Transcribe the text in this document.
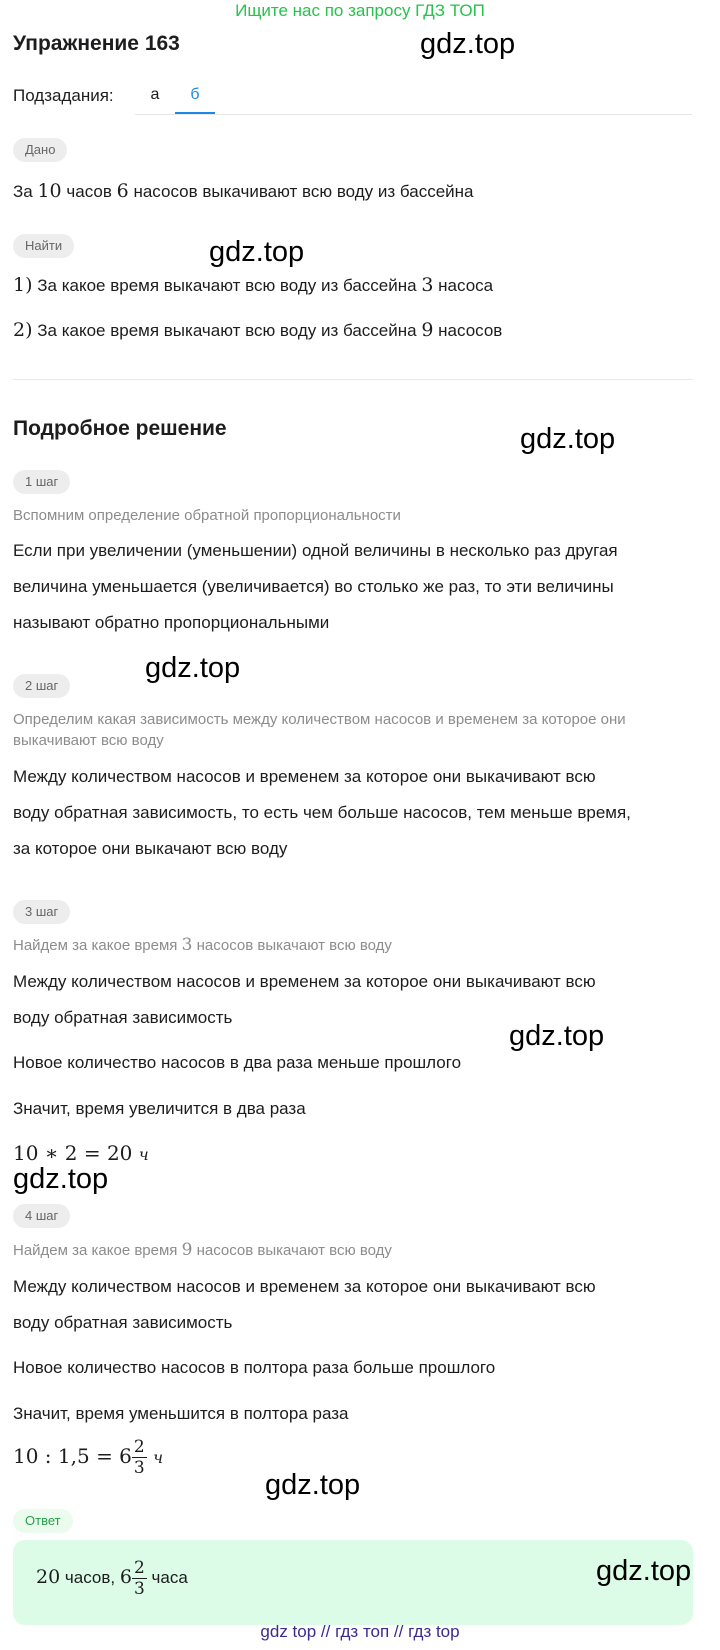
Ищите нас по запросу ГДЗ ТОП
Упражнение 163
Подзадания:	а	б
Дано
За 10 часов 6 насосов выкачивают всю воду из бассейна
Найти
1) За какое время выкачают всю воду из бассейна 3 насоса
2) За какое время выкачают всю воду из бассейна 9 насосов
Подробное решение
1 шаг
Вспомним определение обратной пропорциональности
Если при увеличении (уменьшении) одной величины в несколько раз другая
величина уменьшается (увеличивается) во столько же раз, то эти величины
называют обратно пропорциональными
2 шаг
Определим какая зависимость между количеством насосов и временем за которое они выкачивают всю воду
Между количеством насосов и временем за которое они выкачивают всю
воду обратная зависимость, то есть чем больше насосов, тем меньше время,
за которое они выкачают всю воду
3 шаг
Найдем за какое время 3 насосов выкачают всю воду
Между количеством насосов и временем за которое они выкачивают всю
воду обратная зависимость
Новое количество насосов в два раза меньше прошлого
Значит, время увеличится в два раза
10 ∗ 2 = 20 ч
4 шаг
Найдем за какое время 9 насосов выкачают всю воду
Между количеством насосов и временем за которое они выкачивают всю
воду обратная зависимость
Новое количество насосов в полтора раза больше прошлого
Значит, время уменьшится в полтора раза
10 : $1,5 = 6 \frac{2}{3}$ ч
Ответ
20 часов, $6 \frac{2}{3}$ часа
gdz.top
gdz.top
gdz.top
gdz.top
gdz.top
gdz.top
gdz.top
gdz.top
gdz top // гдз топ // гдз top
